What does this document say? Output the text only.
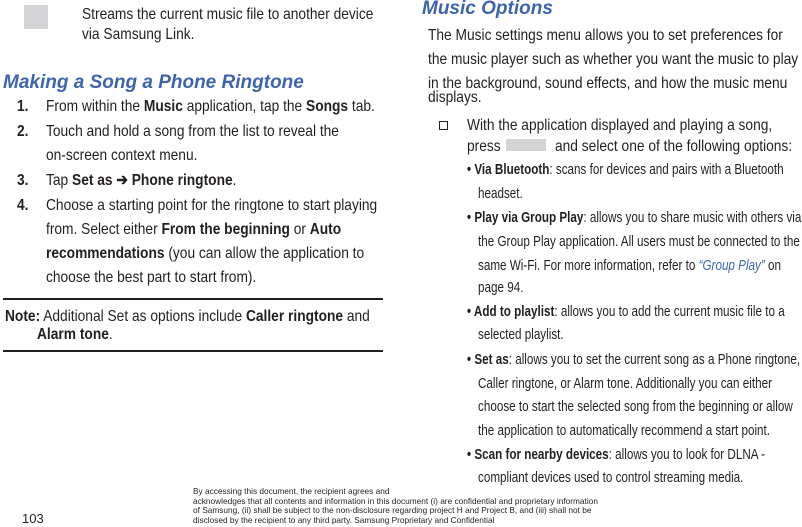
Streams the current music file to another device
via Samsung Link.
Making a Song a Phone Ringtone
1. From within the Music application, tap the Songs tab.
2. Touch and hold a song from the list to reveal the
on-screen context menu.
3. Tap Set as ➔ Phone ringtone.
4. Choose a starting point for the ringtone to start playing
from. Select either From the beginning or Auto
recommendations (you can allow the application to
choose the best part to start from).
Note: Additional Set as options include Caller ringtone and
Alarm tone.
Music Options
The Music settings menu allows you to set preferences for
the music player such as whether you want the music to play
in the background, sound effects, and how the music menu
displays.
With the application displayed and playing a song,
press	and select one of the following options:
• Via Bluetooth: scans for devices and pairs with a Bluetooth
headset.
• Play via Group Play: allows you to share music with others via
the Group Play application. All users must be connected to the
same Wi-Fi. For more information, refer to “Group Play” on
page 94.
• Add to playlist: allows you to add the current music file to a
selected playlist.
• Set as: allows you to set the current song as a Phone ringtone,
Caller ringtone, or Alarm tone. Additionally you can either
choose to start the selected song from the beginning or allow
the application to automatically recommend a start point.
• Scan for nearby devices: allows you to look for DLNA -
compliant devices used to control streaming media.
103
By accessing this document, the recipient agrees and
acknowledges that all contents and information in this document (i) are confidential and proprietary information
of Samsung, (ii) shall be subject to the non-disclosure regarding project H and Project B, and (iii) shall not be
disclosed by the recipient to any third party. Samsung Proprietary and Confidential
